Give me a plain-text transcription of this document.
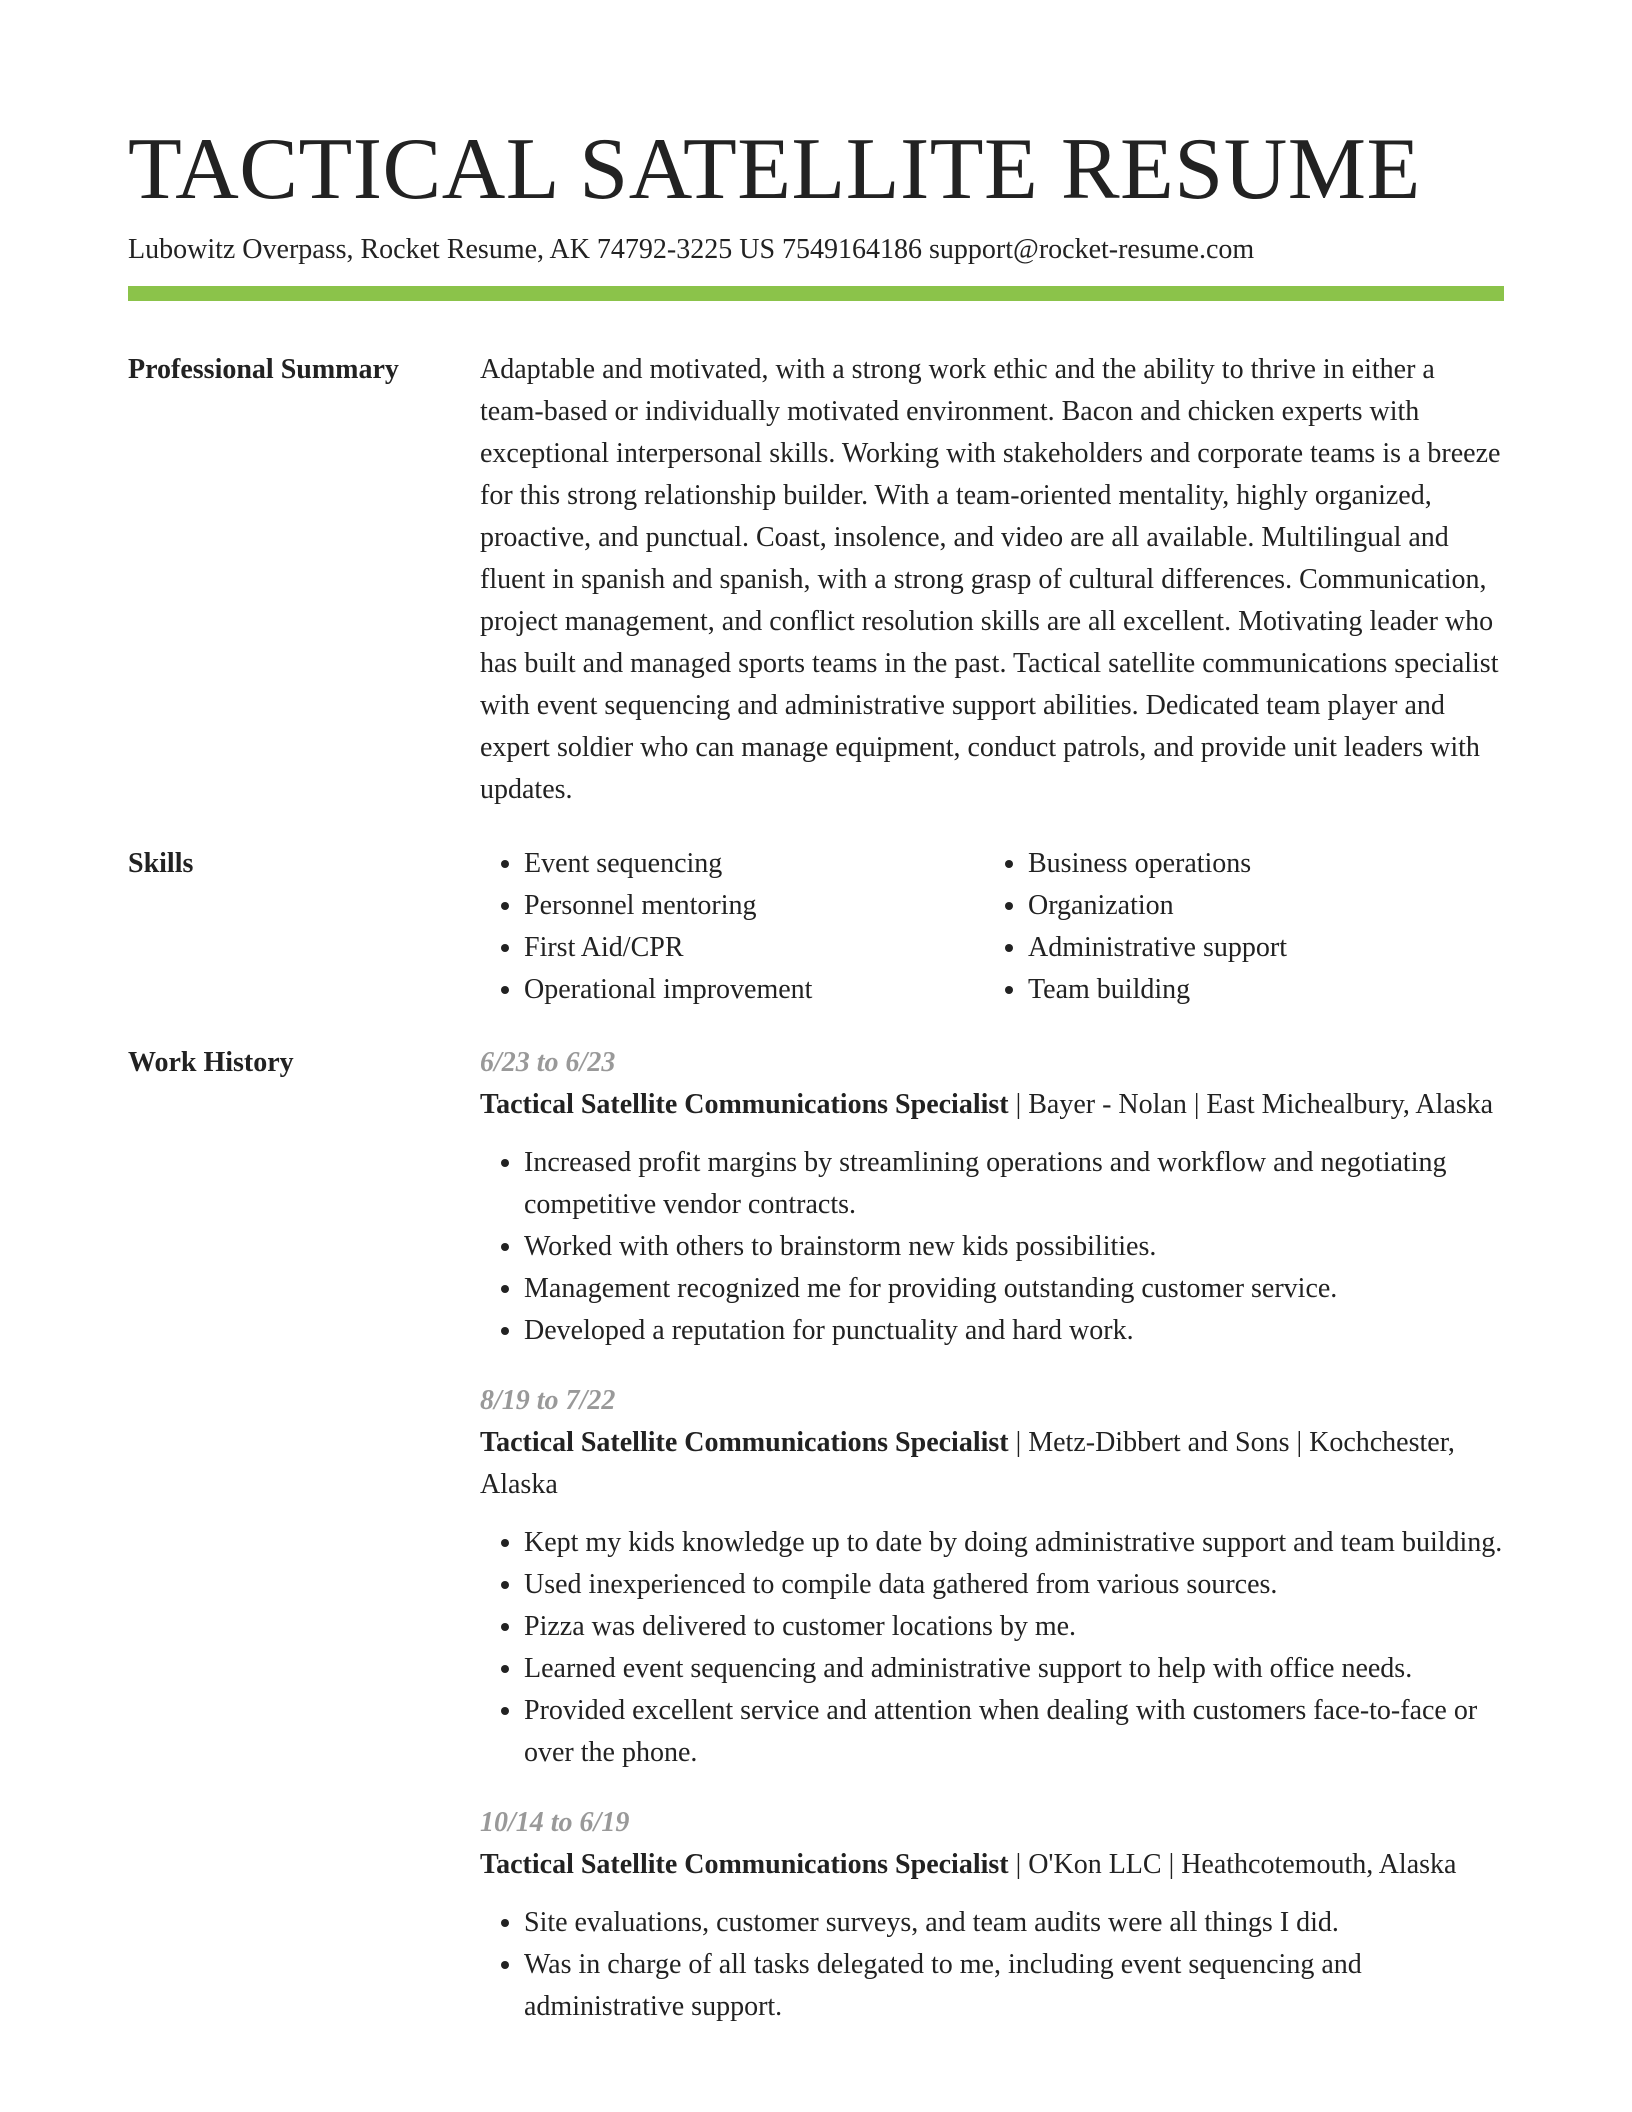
TACTICAL SATELLITE RESUME
Lubowitz Overpass, Rocket Resume, AK 74792-3225 US 7549164186 support@rocket-resume.com
Professional Summary	Adaptable and motivated, with a strong work ethic and the ability to thrive in either a team-based or individually motivated environment. Bacon and chicken experts with exceptional interpersonal skills. Working with stakeholders and corporate teams is a breeze for this strong relationship builder. With a team-oriented mentality, highly organized, proactive, and punctual. Coast, insolence, and video are all available. Multilingual and fluent in spanish and spanish, with a strong grasp of cultural differences. Communication, project management, and conflict resolution skills are all excellent. Motivating leader who has built and managed sports teams in the past. Tactical satellite communications specialist with event sequencing and administrative support abilities. Dedicated team player and expert soldier who can manage equipment, conduct patrols, and provide unit leaders with updates.

Skills
•	Event sequencing
• Personnel mentoring
• First Aid/CPR
• Operational improvement
• Business operations
• Organization
• Administrative support
• Team building
Work History	6/23 to 6/23
Tactical Satellite Communications Specialist | Bayer - Nolan | East Michealbury, Alaska
• Increased profit margins by streamlining operations and workflow and negotiating competitive vendor contracts.
• Worked with others to brainstorm new kids possibilities.
• Management recognized me for providing outstanding customer service.
• Developed a reputation for punctuality and hard work.
8/19 to 7/22
Tactical Satellite Communications Specialist | Metz-Dibbert and Sons | Kochchester, Alaska
• Kept my kids knowledge up to date by doing administrative support and team building.
• Used inexperienced to compile data gathered from various sources.
• Pizza was delivered to customer locations by me.
• Learned event sequencing and administrative support to help with office needs.
• Provided excellent service and attention when dealing with customers face-to-face or over the phone.
10/14 to 6/19
Tactical Satellite Communications Specialist | O'Kon LLC | Heathcotemouth, Alaska
• Site evaluations, customer surveys, and team audits were all things I did.
• Was in charge of all tasks delegated to me, including event sequencing and administrative support.
